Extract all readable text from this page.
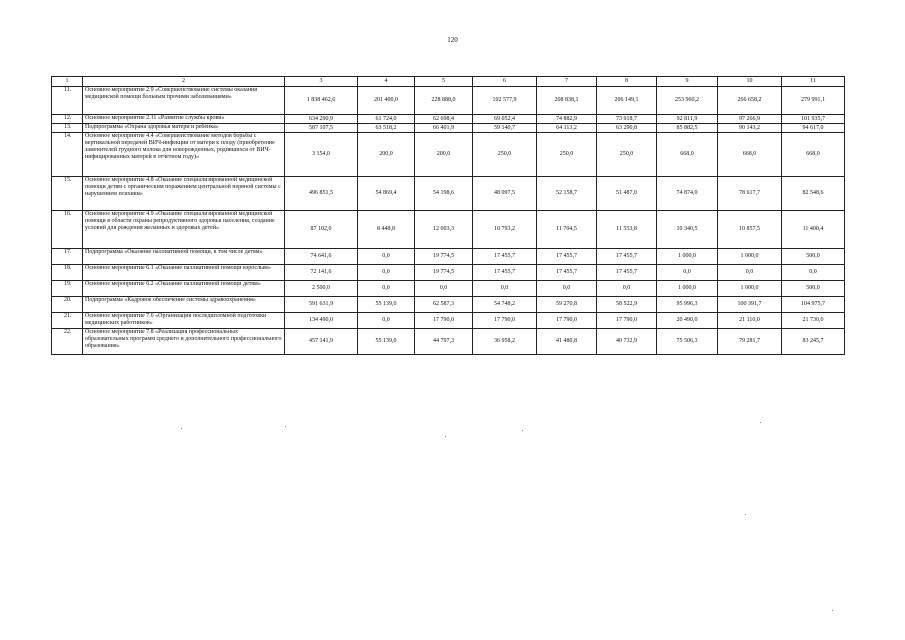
120
1	2	3	4	5	6	7	8	9	10	11
11.	Основное мероприятие 2.9 «Совершенствование системы оказания медицинской помощи больным прочими заболеваниями»	1 838 462,6	201 400,0	228 888,0	192 577,9	208 838,1	206 149,1	253 960,2	266 658,2	279 991,1
12.	Основное мероприятие 2.11 «Развитие службы крови»	634 290,9	61 724,0	62 698,4	69 052,4	74 882,9	73 918,7	92 811,9	97 266,9	101 935,7
13.	Подпрограмма «Охрана здоровья матери и ребенка»	587 107,5	63 518,2	66 401,9	59 140,7	64 113,2	63 290,8	85 882,5	90 143,2	94 617,0
14.	Основное мероприятие 4.4 «Совершенствование методов борьбы с вертикальной передачей ВИЧ-инфекции от матери к плоду (приобретение заменителей грудного молока для новорожденных, родившихся от ВИЧ-инфицированных матерей в отчетном году)»	3 154,0	200,0	200,0	250,0	250,0	250,0	668,0	668,0	668,0
15.	Основное мероприятие 4.8 «Оказание специализированной медицинской помощи детям с органическим поражением центральной нервной системы с нарушением психики»	496 851,5	54 869,4	54 198,6	48 097,5	52 158,7	51 487,0	74 874,0	78 617,7	82 548,6
16.	Основное мероприятие 4.9 «Оказание специализированной медицинской помощи в области охраны репродуктивного здоровья населения, создание условий для рождения желанных и здоровых детей»	87 102,0	8 448,8	12 003,3	10 793,2	11 704,5	11 553,8	10 340,5	10 857,5	11 400,4
17.	Подпрограмма «Оказание паллиативной помощи, в том числе детям»	74 641,6	0,0	19 774,5	17 455,7	17 455,7	17 455,7	1 000,0	1 000,0	500,0
18.	Основное мероприятие 6.1 «Оказание паллиативной помощи взрослым»	72 141,6	0,0	19 774,5	17 455,7	17 455,7	17 455,7	0,0	0,0	0,0
19.	Основное мероприятие 6.2 «Оказание паллиативной помощи детям»	2 500,0	0,0	0,0	0,0	0,0	0,0	1 000,0	1 000,0	500,0
20.	Подпрограмма «Кадровое обеспечение системы здравоохранения»	591 631,9	55 139,0	62 587,3	54 748,2	59 270,8	58 522,9	95 996,3	100 391,7	104 975,7
21.	Основное мероприятие 7.6 «Организация последипломной подготовки медицинских работников»	134 490,0	0,0	17 790,0	17 790,0	17 790,0	17 790,0	20 490,0	21 110,0	21 730,0
22.	Основное мероприятие 7.8 «Реализация профессиональных образовательных программ среднего и дополнительного профессионального образования»	457 141,9	55 139,0	44 797,3	36 958,2	41 480,8	40 732,9	75 506,3	79 281,7	83 245,7
